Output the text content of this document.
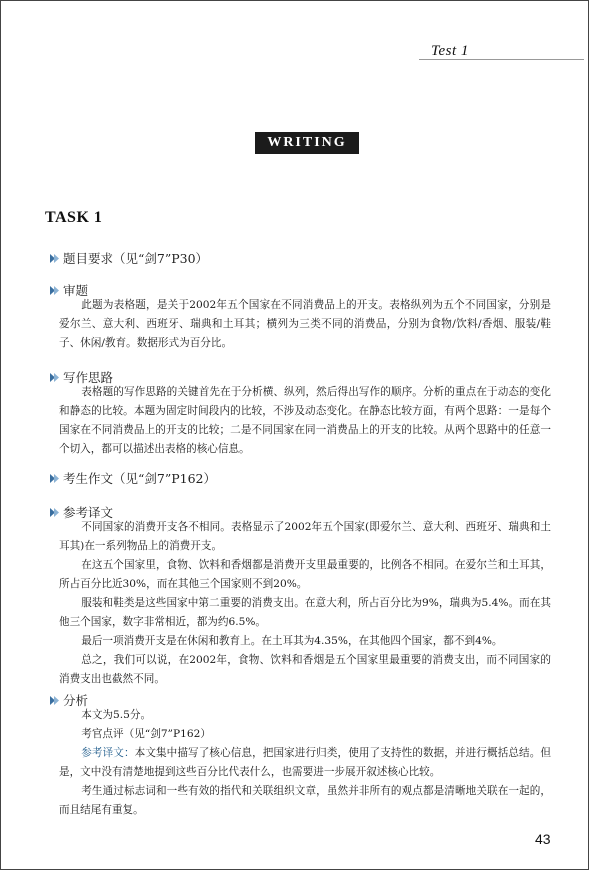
Test 1
WRITING
TASK 1
题目要求（见“剑7”P30）
审题

此题为表格题，是关于2002年五个国家在不同消费品上的开支。表格纵列为五个不同国家，分别是爱尔兰、意大利、西班牙、瑞典和土耳其；横列为三类不同的消费品，分别为食物/饮料/香烟、服装/鞋子、休闲/教育。数据形式为百分比。

写作思路

表格题的写作思路的关键首先在于分析横、纵列，然后得出写作的顺序。分析的重点在于动态的变化和静态的比较。本题为固定时间段内的比较，不涉及动态变化。在静态比较方面，有两个思路：一是每个国家在不同消费品上的开支的比较；二是不同国家在同一消费品上的开支的比较。从两个思路中的任意一个切入，都可以描述出表格的核心信息。

考生作文（见“剑7”P162）
参考译文

不同国家的消费开支各不相同。表格显示了2002年五个国家(即爱尔兰、意大利、西班牙、瑞典和土耳其)在一系列物品上的消费开支。

在这五个国家里，食物、饮料和香烟都是消费开支里最重要的，比例各不相同。在爱尔兰和土耳其，所占百分比近30%，而在其他三个国家则不到20%。

服装和鞋类是这些国家中第二重要的消费支出。在意大利，所占百分比为9%，瑞典为5.4%。而在其他三个国家，数字非常相近，都为约6.5%。

最后一项消费开支是在休闲和教育上。在土耳其为4.35%，在其他四个国家，都不到4%。

总之，我们可以说，在2002年，食物、饮料和香烟是五个国家里最重要的消费支出，而不同国家的消费支出也截然不同。

分析

本文为5.5分。

考官点评（见“剑7”P162）

参考译文：本文集中描写了核心信息，把国家进行归类，使用了支持性的数据，并进行概括总结。但是，文中没有清楚地提到这些百分比代表什么，也需要进一步展开叙述核心比较。

考生通过标志词和一些有效的指代和关联组织文章，虽然并非所有的观点都是清晰地关联在一起的，而且结尾有重复。

43
